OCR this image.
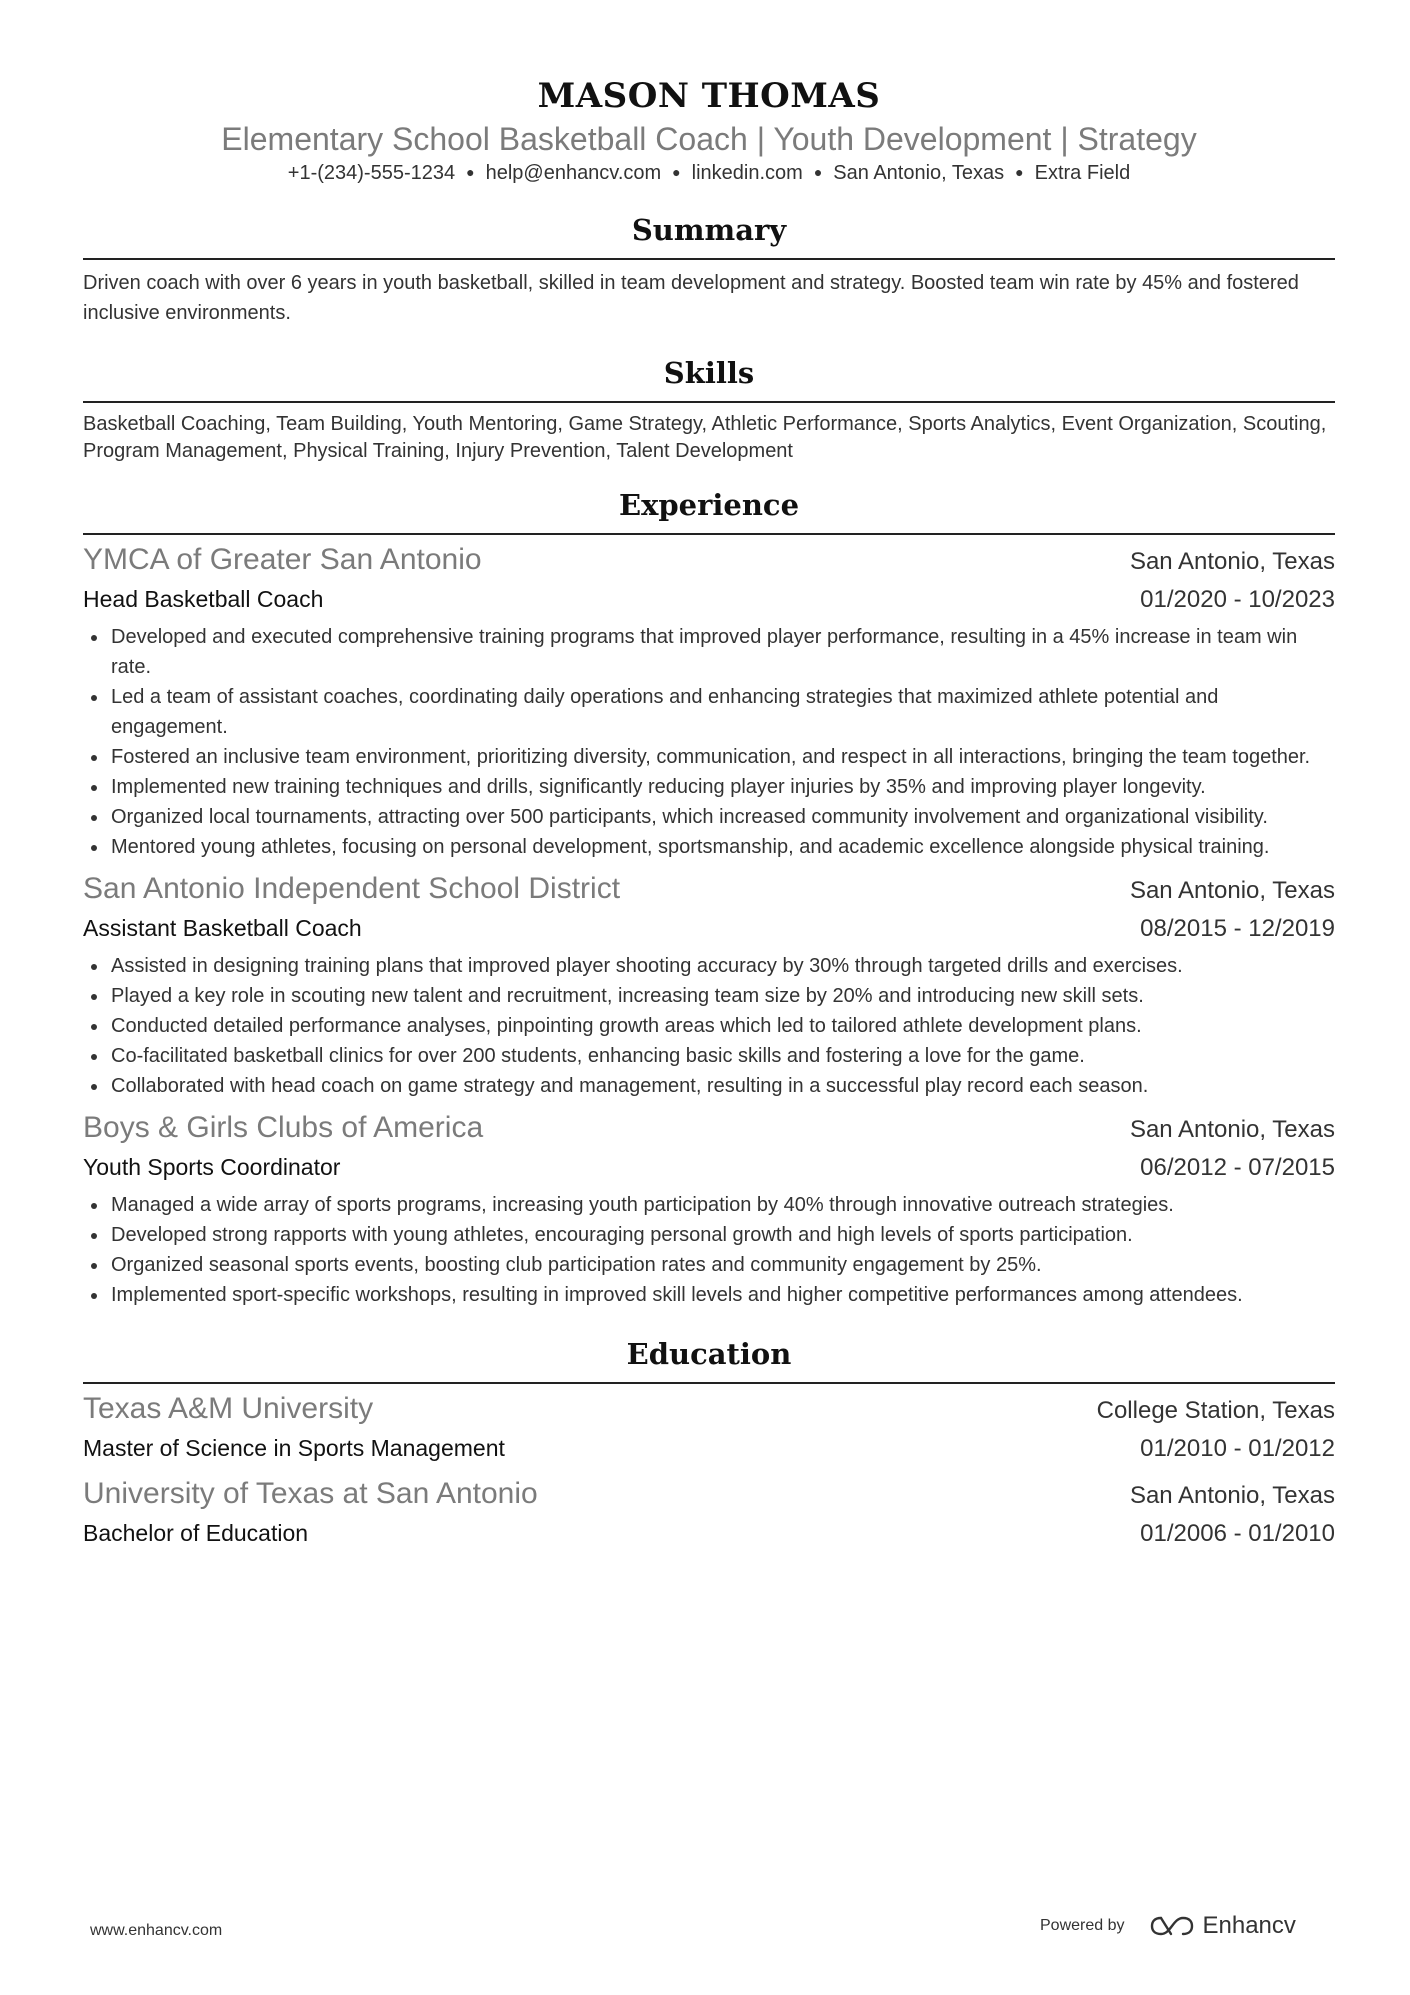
MASON THOMAS
Elementary School Basketball Coach | Youth Development | Strategy
+1-(234)-555-1234 ● help@enhancv.com ● linkedin.com ● San Antonio, Texas ● Extra Field
Summary
Driven coach with over 6 years in youth basketball, skilled in team development and strategy. Boosted team win rate by 45% and fostered inclusive environments.
Skills
Basketball Coaching, Team Building, Youth Mentoring, Game Strategy, Athletic Performance, Sports Analytics, Event Organization, Scouting, Program Management, Physical Training, Injury Prevention, Talent Development
Experience
YMCA of Greater San Antonio	San Antonio, Texas
Head Basketball Coach	01/2020 - 10/2023
Developed and executed comprehensive training programs that improved player performance, resulting in a 45% increase in team win rate.
Led a team of assistant coaches, coordinating daily operations and enhancing strategies that maximized athlete potential and engagement.
Fostered an inclusive team environment, prioritizing diversity, communication, and respect in all interactions, bringing the team together.
Implemented new training techniques and drills, significantly reducing player injuries by 35% and improving player longevity.
Organized local tournaments, attracting over 500 participants, which increased community involvement and organizational visibility.
Mentored young athletes, focusing on personal development, sportsmanship, and academic excellence alongside physical training.
San Antonio Independent School District	San Antonio, Texas
Assistant Basketball Coach	08/2015 - 12/2019
Assisted in designing training plans that improved player shooting accuracy by 30% through targeted drills and exercises.
Played a key role in scouting new talent and recruitment, increasing team size by 20% and introducing new skill sets.
Conducted detailed performance analyses, pinpointing growth areas which led to tailored athlete development plans.
Co-facilitated basketball clinics for over 200 students, enhancing basic skills and fostering a love for the game.
Collaborated with head coach on game strategy and management, resulting in a successful play record each season.
Boys & Girls Clubs of America	San Antonio, Texas
Youth Sports Coordinator	06/2012 - 07/2015
Managed a wide array of sports programs, increasing youth participation by 40% through innovative outreach strategies.
Developed strong rapports with young athletes, encouraging personal growth and high levels of sports participation.
Organized seasonal sports events, boosting club participation rates and community engagement by 25%.
Implemented sport-specific workshops, resulting in improved skill levels and higher competitive performances among attendees.
Education
Texas A&M University	College Station, Texas
Master of Science in Sports Management	01/2010 - 01/2012
University of Texas at San Antonio	San Antonio, Texas
Bachelor of Education	01/2006 - 01/2010
www.enhancv.com	Powered by	Enhancv
